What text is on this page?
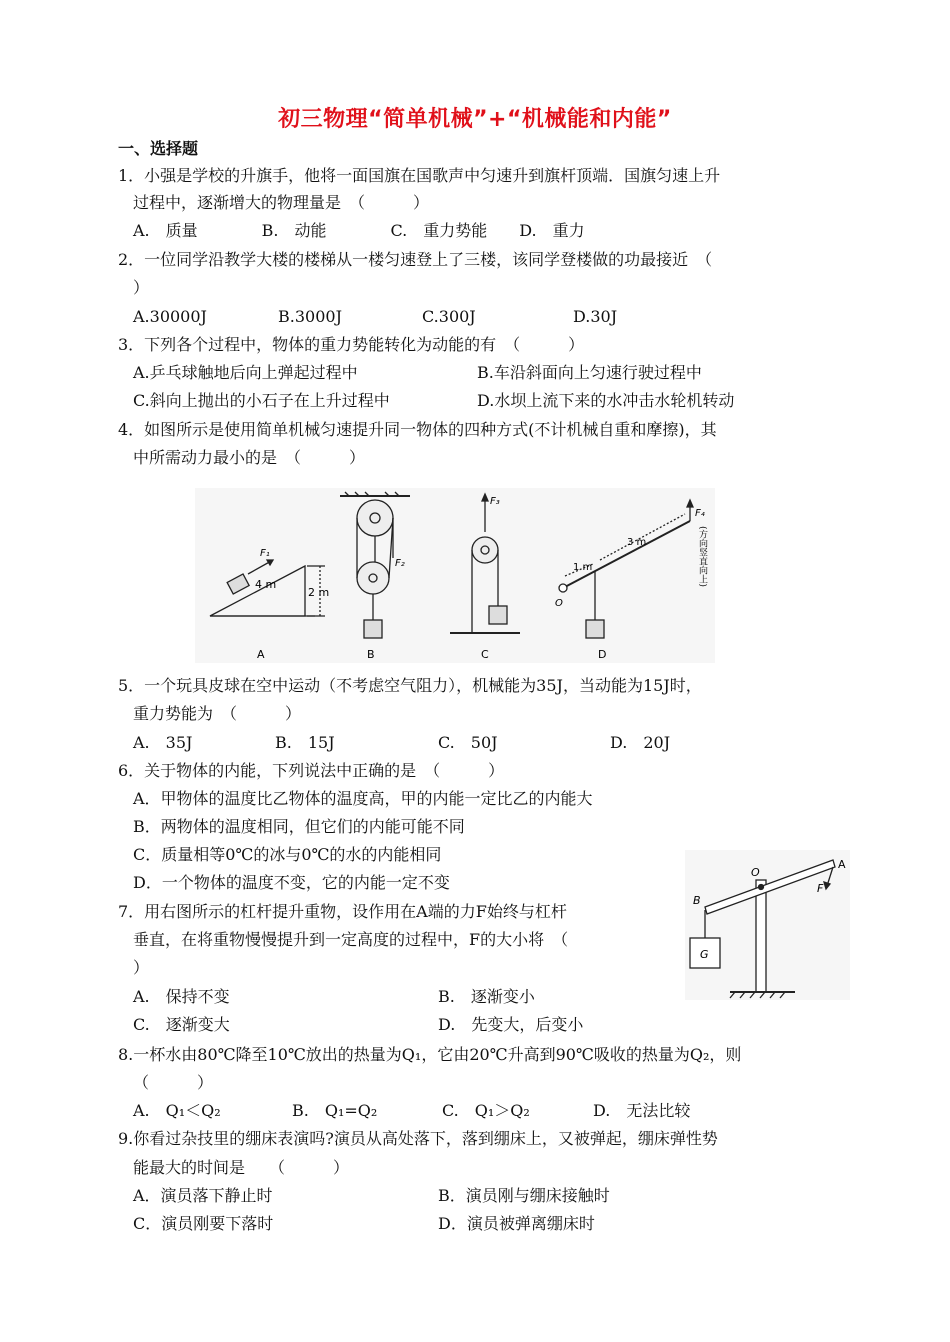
初三物理“简单机械”+“机械能和内能”
一、选择题
1．小强是学校的升旗手，他将一面国旗在国歌声中匀速升到旗杆顶端．国旗匀速上升
过程中，逐渐增大的物理量是　（　　　）
A.　质量　　　　B.　动能　　　　C.　重力势能　　D.　重力
2．一位同学沿教学大楼的楼梯从一楼匀速登上了三楼，该同学登楼做的功最接近　（
）
A.30000J	B.3000J	C.300J	D.30J
3．下列各个过程中，物体的重力势能转化为动能的有　（　　　）
A.乒乓球触地后向上弹起过程中	B.车沿斜面向上匀速行驶过程中
C.斜向上抛出的小石子在上升过程中	D.水坝上流下来的水冲击水轮机转动
4．如图所示是使用简单机械匀速提升同一物体的四种方式(不计机械自重和摩擦)，其
中所需动力最小的是　（　　　）
F₁
4 m
2 m
A
F₂
B
F₃
C
O
1 m
3 m
F₄
(方向竖直向上)
D
5．一个玩具皮球在空中运动（不考虑空气阻力），机械能为35J，当动能为15J时，
重力势能为　（　　　）
A.　35J	B.　15J	C.　50J	D.　20J
6．关于物体的内能，下列说法中正确的是　（　　　）
A．甲物体的温度比乙物体的温度高，甲的内能一定比乙的内能大
B．两物体的温度相同，但它们的内能可能不同
C．质量相等0℃的冰与0℃的水的内能相同
D．一个物体的温度不变，它的内能一定不变
7．用右图所示的杠杆提升重物，设作用在A端的力F始终与杠杆
垂直，在将重物慢慢提升到一定高度的过程中，F的大小将　（
）
A.　保持不变	B.　逐渐变小
C.　逐渐变大	D.　先变大，后变小
O
A
B
F
G
8.一杯水由80℃降至10℃放出的热量为Q₁，它由20℃升高到90℃吸收的热量为Q₂，则
（　　　）
A.　Q₁＜Q₂	B.　Q₁=Q₂	C.　Q₁＞Q₂	D.　无法比较
9.你看过杂技里的绷床表演吗?演员从高处落下，落到绷床上，又被弹起，绷床弹性势
能最大的时间是　　（　　　）
A．演员落下静止时	B．演员刚与绷床接触时
C．演员刚要下落时	D．演员被弹离绷床时
